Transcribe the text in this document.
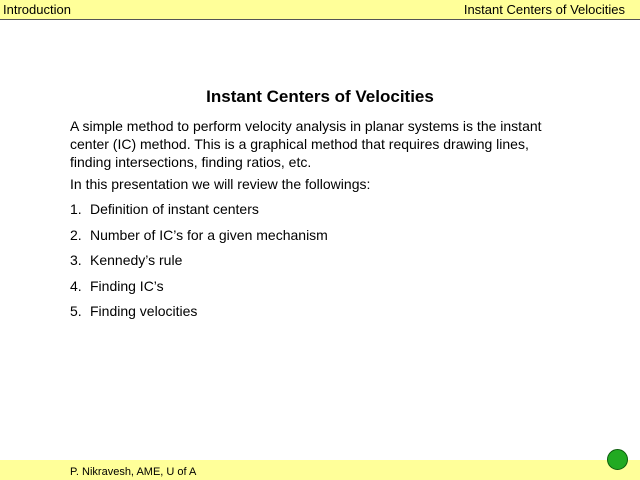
Introduction	Instant Centers of Velocities
Instant Centers of Velocities

A simple method to perform velocity analysis in planar systems is the instant center (IC) method. This is a graphical method that requires drawing lines, finding intersections, finding ratios, etc.

In this presentation we will review the followings:

1. Definition of instant centers
2. Number of IC’s for a given mechanism
3. Kennedy’s rule
4. Finding IC’s
5. Finding velocities
P. Nikravesh, AME, U of A
